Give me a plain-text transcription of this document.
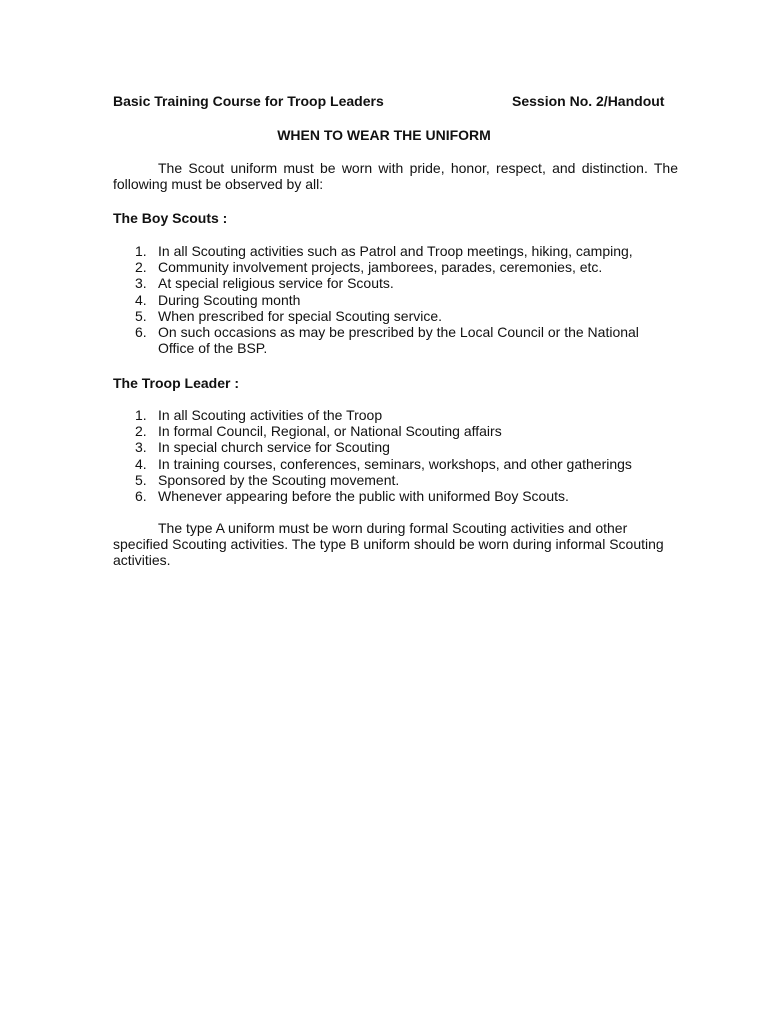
Basic Training Course for Troop Leaders	Session No. 2/Handout
WHEN TO WEAR THE UNIFORM
The Scout uniform must be worn with pride, honor, respect, and distinction. The following must be observed by all:
The Boy Scouts :
1. In all Scouting activities such as Patrol and Troop meetings, hiking, camping,
2. Community involvement projects, jamborees, parades, ceremonies, etc.
3. At special religious service for Scouts.
4. During Scouting month
5. When prescribed for special Scouting service.
6. On such occasions as may be prescribed by the Local Council or the National Office of the BSP.
The Troop Leader :
1. In all Scouting activities of the Troop
2. In formal Council, Regional, or National Scouting affairs
3. In special church service for Scouting
4. In training courses, conferences, seminars, workshops, and other gatherings
5. Sponsored by the Scouting movement.
6. Whenever appearing before the public with uniformed Boy Scouts.
The type A uniform must be worn during formal Scouting activities and other specified Scouting activities. The type B uniform should be worn during informal Scouting activities.
